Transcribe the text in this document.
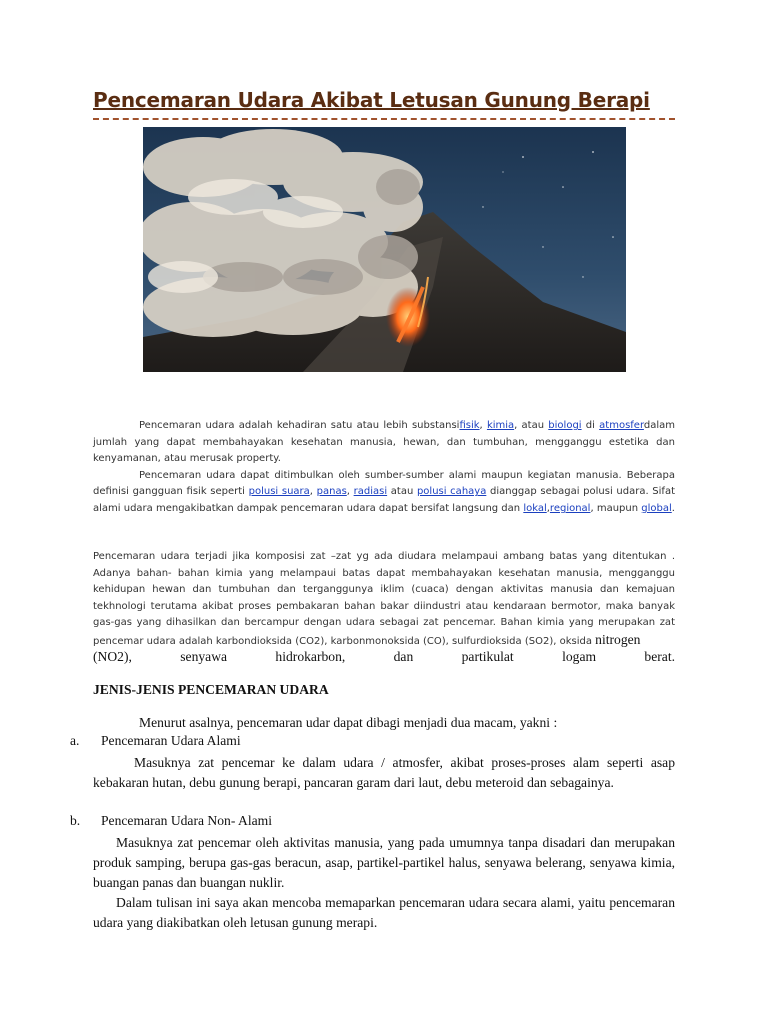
Pencemaran Udara Akibat Letusan Gunung Berapi

Pencemaran udara adalah kehadiran satu atau lebih substansifisik, kimia, atau biologi di atmosferdalam jumlah yang dapat membahayakan kesehatan manusia, hewan, dan tumbuhan, mengganggu estetika dan kenyamanan, atau merusak property.

Pencemaran udara dapat ditimbulkan oleh sumber-sumber alami maupun kegiatan manusia. Beberapa definisi gangguan fisik seperti polusi suara, panas, radiasi atau polusi cahaya dianggap sebagai polusi udara. Sifat alami udara mengakibatkan dampak pencemaran udara dapat bersifat langsung dan lokal,regional, maupun global.

Pencemaran udara terjadi jika komposisi zat –zat yg ada diudara melampaui ambang batas yang ditentukan . Adanya bahan- bahan kimia yang melampaui batas dapat membahayakan kesehatan manusia, mengganggu kehidupan hewan dan tumbuhan dan terganggunya iklim (cuaca) dengan aktivitas manusia dan kemajuan tekhnologi terutama akibat proses pembakaran bahan bakar diindustri atau kendaraan bermotor, maka banyak gas-gas yang dihasilkan dan bercampur dengan udara sebagai zat pencemar. Bahan kimia yang merupakan zat pencemar udara adalah karbondioksida (CO2), karbonmonoksida (CO), sulfurdioksida (SO2), oksida nitrogen

(NO2), senyawa hidrokarbon, dan partikulat logam berat.

JENIS-JENIS PENCEMARAN UDARA
Menurut asalnya, pencemaran udar dapat dibagi menjadi dua macam, yakni :
a. Pencemaran Udara Alami

Masuknya zat pencemar ke dalam udara / atmosfer, akibat proses-proses alam seperti asap kebakaran hutan, debu gunung berapi, pancaran garam dari laut, debu meteroid dan sebagainya.

b. Pencemaran Udara Non- Alami

Masuknya zat pencemar oleh aktivitas manusia, yang pada umumnya tanpa disadari dan merupakan produk samping, berupa gas-gas beracun, asap, partikel-partikel halus, senyawa belerang, senyawa kimia, buangan panas dan buangan nuklir.

Dalam tulisan ini saya akan mencoba memaparkan pencemaran udara secara alami, yaitu pencemaran udara yang diakibatkan oleh letusan gunung merapi.
